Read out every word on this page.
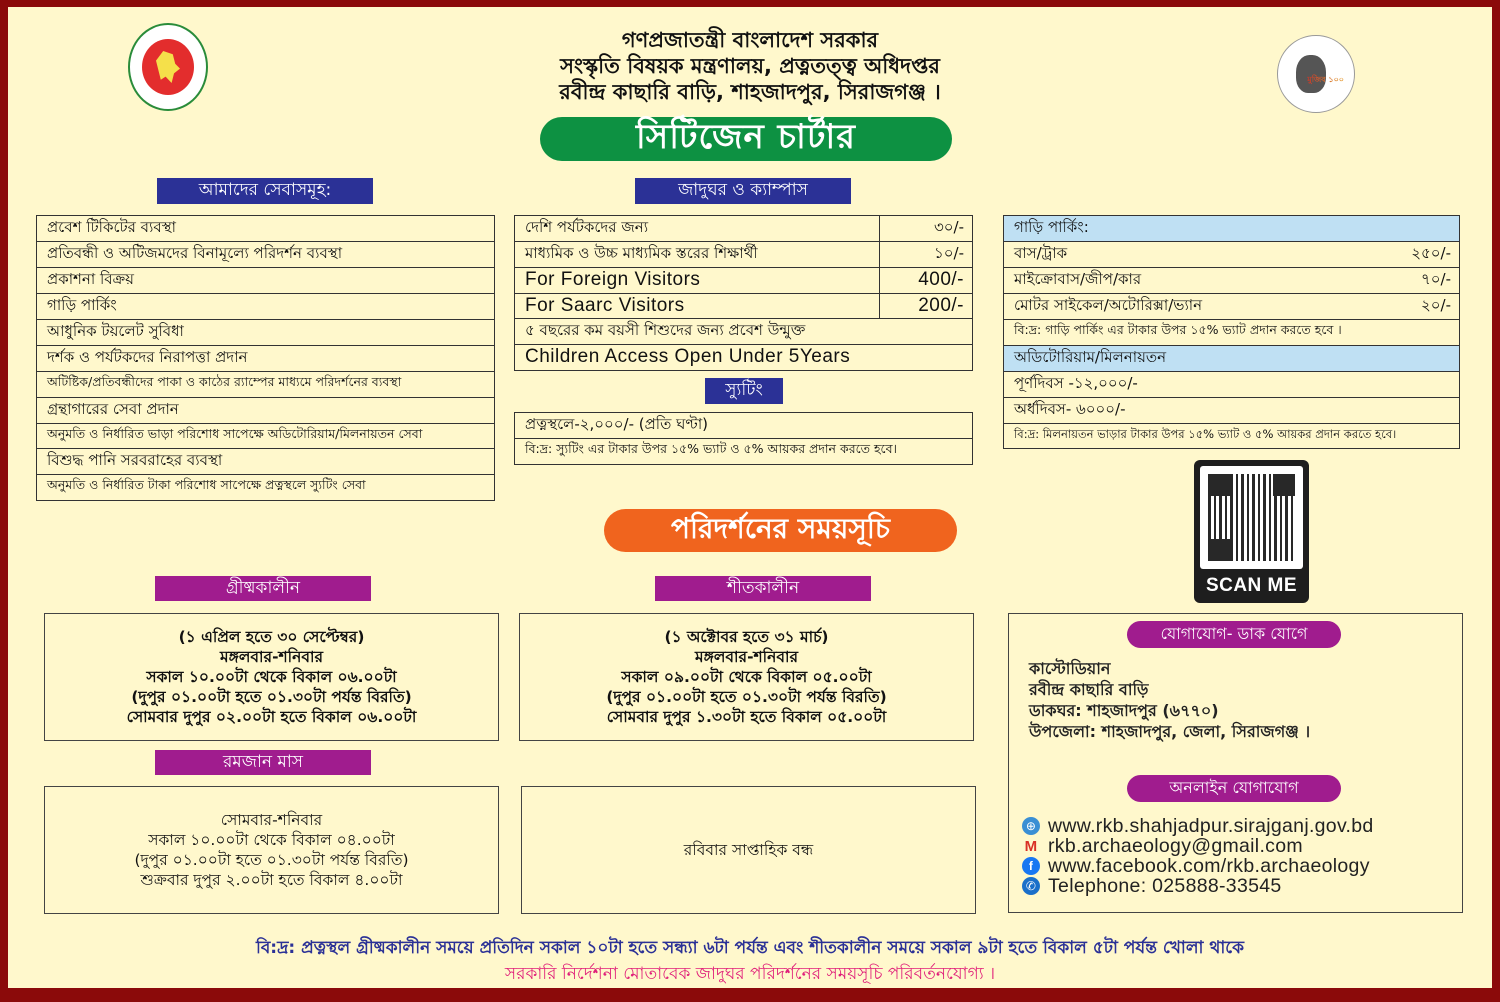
মুজিব ১০০
গণপ্রজাতন্ত্রী বাংলাদেশ সরকার
সংস্কৃতি বিষয়ক মন্ত্রণালয়, প্রত্নতত্ত্ব অধিদপ্তর
রবীন্দ্র কাছারি বাড়ি, শাহজাদপুর, সিরাজগঞ্জ ।
সিটিজেন চার্টার
আমাদের সেবাসমূহ:
প্রবেশ টিকিটের ব্যবস্থা
প্রতিবন্ধী ও অটিজমদের বিনামূল্যে পরিদর্শন ব্যবস্থা
প্রকাশনা বিক্রয়
গাড়ি পার্কিং
আধুনিক টয়লেট সুবিধা
দর্শক ও পর্যটকদের নিরাপত্তা প্রদান
অটিষ্টিক/প্রতিবন্ধীদের পাকা ও কাঠের র‌্যাম্পের মাধ্যমে পরিদর্শনের ব্যবস্থা
গ্রন্থাগারের সেবা প্রদান
অনুমতি ও নির্ধারিত ভাড়া পরিশোধ সাপেক্ষে অডিটোরিয়াম/মিলনায়তন সেবা
বিশুদ্ধ পানি সরবরাহের ব্যবস্থা
অনুমতি ও নির্ধারিত টাকা পরিশোধ সাপেক্ষে প্রত্নস্থলে স্যুটিং সেবা
জাদুঘর ও ক্যাম্পাস
দেশি পর্যটকদের জন্য	৩০/-
মাধ্যমিক ও উচ্চ মাধ্যমিক স্তরের শিক্ষার্থী	১০/-
For Foreign Visitors	400/-
For Saarc Visitors	200/-
৫ বছরের কম বয়সী শিশুদের জন্য প্রবেশ উন্মুক্ত	
Children Access Open Under 5Years	
স্যুটিং
প্রত্নস্থলে-২,০০০/- (প্রতি ঘণ্টা)
বি:দ্র: স্যুটিং এর টাকার উপর ১৫% ভ্যাট ও ৫% আয়কর প্রদান করতে হবে।
গাড়ি পার্কিং:	
বাস/ট্রাক	২৫০/-
মাইক্রোবাস/জীপ/কার	৭০/-
মোটর সাইকেল/অটোরিক্সা/ভ্যান	২০/-
বি:দ্র: গাড়ি পার্কিং এর টাকার উপর ১৫% ভ্যাট প্রদান করতে হবে ।	
অডিটোরিয়াম/মিলনায়তন	
পূর্ণদিবস -১২,০০০/-	
অর্ধদিবস- ৬০০০/-	
বি:দ্র: মিলনায়তন ভাড়ার টাকার উপর ১৫% ভ্যাট ও ৫% আয়কর প্রদান করতে হবে।	
SCAN ME
পরিদর্শনের সময়সূচি
গ্রীষ্মকালীন	শীতকালীন
(১ এপ্রিল হতে ৩০ সেপ্টেম্বর)
মঙ্গলবার-শনিবার
সকাল ১০.০০টা থেকে বিকাল ০৬.০০টা
(দুপুর ০১.০০টা হতে ০১.৩০টা পর্যন্ত বিরতি)
সোমবার দুপুর ০২.০০টা হতে বিকাল ০৬.০০টা
(১ অক্টোবর হতে ৩১ মার্চ)
মঙ্গলবার-শনিবার
সকাল ০৯.০০টা থেকে বিকাল ০৫.০০টা
(দুপুর ০১.০০টা হতে ০১.৩০টা পর্যন্ত বিরতি)
সোমবার দুপুর ১.৩০টা হতে বিকাল ০৫.০০টা
রমজান মাস
সোমবার-শনিবার
সকাল ১০.০০টা থেকে বিকাল ০৪.০০টা
(দুপুর ০১.০০টা হতে ০১.৩০টা পর্যন্ত বিরতি)
শুক্রবার দুপুর ২.০০টা হতে বিকাল ৪.০০টা
রবিবার সাপ্তাহিক বন্ধ
যোগাযোগ- ডাক যোগে
কাস্টোডিয়ান
রবীন্দ্র কাছারি বাড়ি
ডাকঘর: শাহজাদপুর (৬৭৭০)
উপজেলা: শাহজাদপুর, জেলা, সিরাজগঞ্জ ।
অনলাইন যোগাযোগ
⊕ www.rkb.shahjadpur.sirajganj.gov.bd
M rkb.archaeology@gmail.com
f www.facebook.com/rkb.archaeology
✆ Telephone: 025888-33545
বি:দ্র: প্রত্নস্থল গ্রীষ্মকালীন সময়ে প্রতিদিন সকাল ১০টা হতে সন্ধ্যা ৬টা পর্যন্ত এবং শীতকালীন সময়ে সকাল ৯টা হতে বিকাল ৫টা পর্যন্ত খোলা থাকে
সরকারি নির্দেশনা মোতাবেক জাদুঘর পরিদর্শনের সময়সূচি পরিবর্তনযোগ্য ।
